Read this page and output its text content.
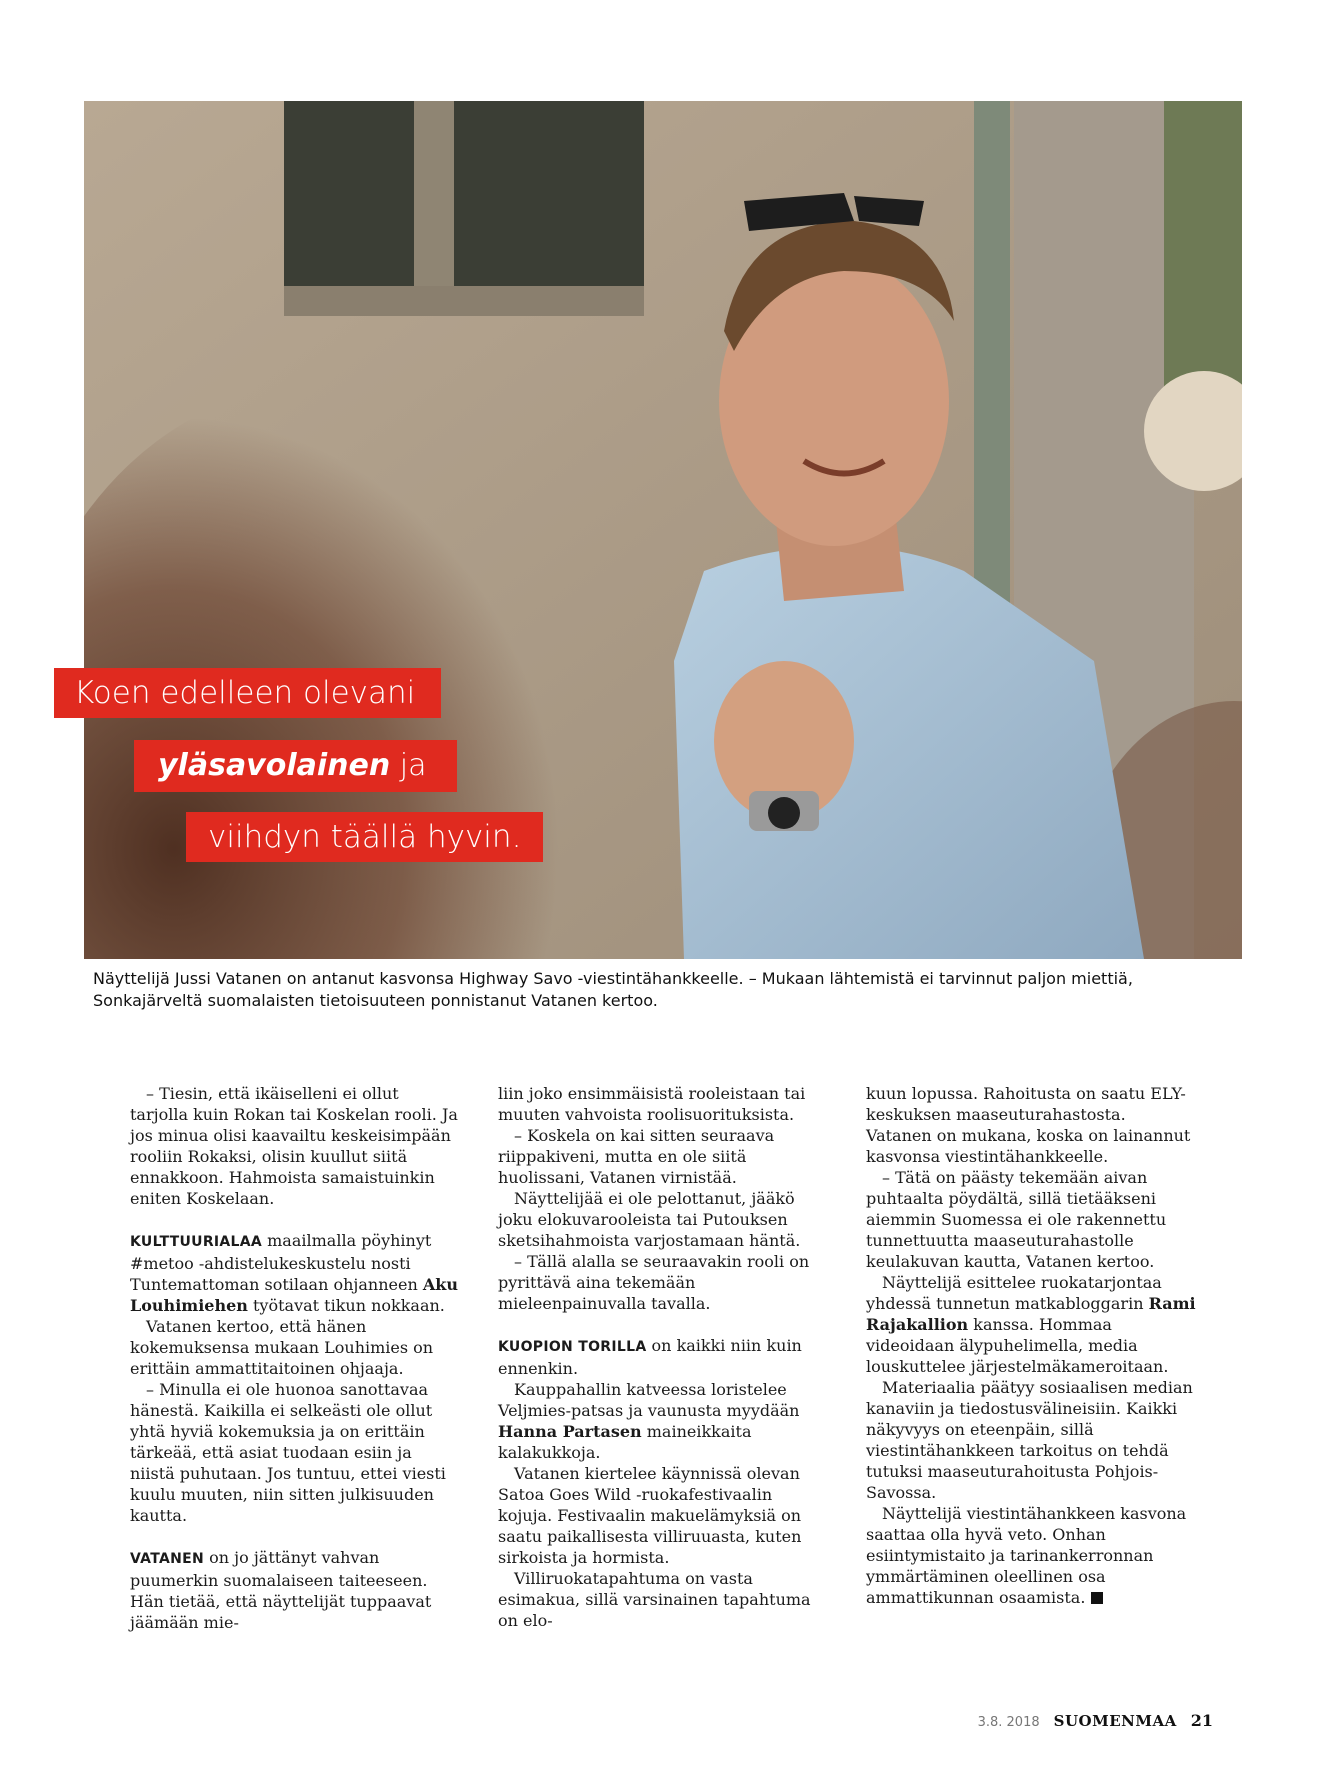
Koen edelleen olevani
yläsavolainen ja
viihdyn täällä hyvin.
Näyttelijä Jussi Vatanen on antanut kasvonsa Highway Savo -viestintähankkeelle. – Mukaan lähtemistä ei tarvinnut paljon miettiä, Sonkajärveltä suomalaisten tietoisuuteen ponnistanut Vatanen kertoo.

– Tiesin, että ikäiselleni ei ollut tarjolla kuin Rokan tai Koskelan rooli. Ja jos minua olisi kaavailtu keskeisimpään rooliin Rokaksi, olisin kuullut siitä ennakkoon. Hahmoista samaistuinkin eniten Koskelaan.

KULTTUURIALAA maailmalla pöyhinyt #metoo -ahdistelukeskustelu nosti Tuntemattoman sotilaan ohjanneen Aku Louhimiehen työtavat tikun nokkaan.

Vatanen kertoo, että hänen kokemuksensa mukaan Louhimies on erittäin ammattitaitoinen ohjaaja.

– Minulla ei ole huonoa sanottavaa hänestä. Kaikilla ei selkeästi ole ollut yhtä hyviä kokemuksia ja on erittäin tärkeää, että asiat tuodaan esiin ja niistä puhutaan. Jos tuntuu, ettei viesti kuulu muuten, niin sitten julkisuuden kautta.

VATANEN on jo jättänyt vahvan puumerkin suomalaiseen taiteeseen. Hän tietää, että näyttelijät tuppaavat jäämään mie-

liin joko ensimmäisistä rooleistaan tai muuten vahvoista roolisuorituksista.

– Koskela on kai sitten seuraava riippakiveni, mutta en ole siitä huolissani, Vatanen virnistää.

Näyttelijää ei ole pelottanut, jääkö joku elokuvarooleista tai Putouksen sketsihahmoista varjostamaan häntä.

– Tällä alalla se seuraavakin rooli on pyrittävä aina tekemään mieleenpainuvalla tavalla.

KUOPION TORILLA on kaikki niin kuin ennenkin.

Kauppahallin katveessa loristelee Veljmies-patsas ja vaunusta myydään Hanna Partasen maineikkaita kalakukkoja.

Vatanen kiertelee käynnissä olevan Satoa Goes Wild -ruokafestivaalin kojuja. Festivaalin makuelämyksiä on saatu paikallisesta villiruuasta, kuten sirkoista ja hormista.

Villiruokatapahtuma on vasta esimakua, sillä varsinainen tapahtuma on elo-

kuun lopussa. Rahoitusta on saatu ELY-keskuksen maaseuturahastosta. Vatanen on mukana, koska on lainannut kasvonsa viestintähankkeelle.

– Tätä on päästy tekemään aivan puhtaalta pöydältä, sillä tietääkseni aiemmin Suomessa ei ole rakennettu tunnettuutta maaseuturahastolle keulakuvan kautta, Vatanen kertoo.

Näyttelijä esittelee ruokatarjontaa yhdessä tunnetun matkabloggarin Rami Rajakallion kanssa. Hommaa videoidaan älypuhelimella, media louskuttelee järjestelmäkameroitaan.

Materiaalia päätyy sosiaalisen median kanaviin ja tiedostusvälineisiin. Kaikki näkyvyys on eteenpäin, sillä viestintähankkeen tarkoitus on tehdä tutuksi maaseuturahoitusta Pohjois-Savossa.

Näyttelijä viestintähankkeen kasvona saattaa olla hyvä veto. Onhan esiintymistaito ja tarinankerronnan ymmärtäminen oleellinen osa ammattikunnan osaamista.

3.8. 2018 SUOMENMAA 21
